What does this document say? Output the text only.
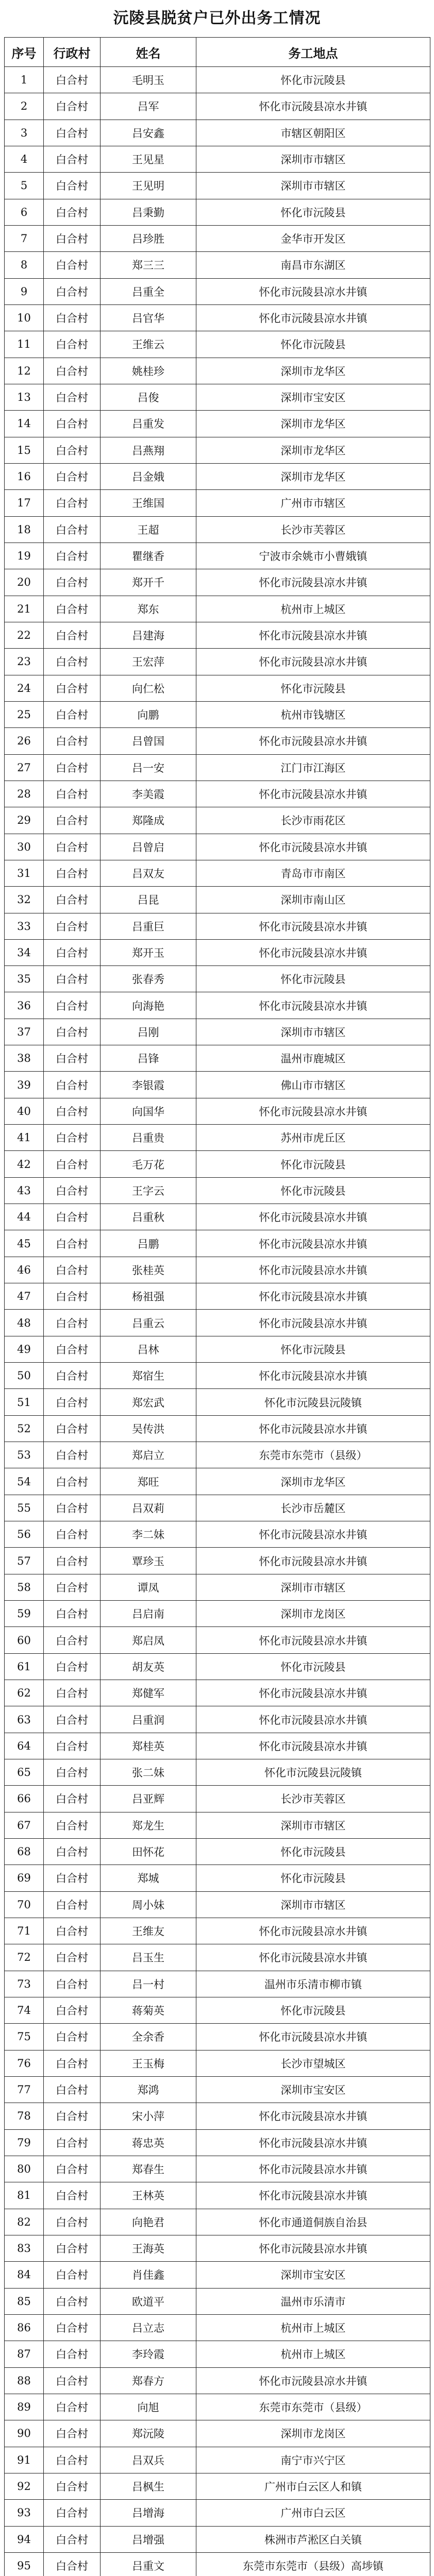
沅陵县脱贫户已外出务工情况
序号	行政村	姓名	务工地点
1	白合村	毛明玉	怀化市沅陵县
2	白合村	吕军	怀化市沅陵县凉水井镇
3	白合村	吕安鑫	市辖区朝阳区
4	白合村	王见星	深圳市市辖区
5	白合村	王见明	深圳市市辖区
6	白合村	吕秉勤	怀化市沅陵县
7	白合村	吕珍胜	金华市开发区
8	白合村	郑三三	南昌市东湖区
9	白合村	吕重全	怀化市沅陵县凉水井镇
10	白合村	吕官华	怀化市沅陵县凉水井镇
11	白合村	王维云	怀化市沅陵县
12	白合村	姚桂珍	深圳市龙华区
13	白合村	吕俊	深圳市宝安区
14	白合村	吕重发	深圳市龙华区
15	白合村	吕燕翔	深圳市龙华区
16	白合村	吕金娥	深圳市龙华区
17	白合村	王维国	广州市市辖区
18	白合村	王超	长沙市芙蓉区
19	白合村	瞿继香	宁波市余姚市小曹娥镇
20	白合村	郑开千	怀化市沅陵县凉水井镇
21	白合村	郑东	杭州市上城区
22	白合村	吕建海	怀化市沅陵县凉水井镇
23	白合村	王宏萍	怀化市沅陵县凉水井镇
24	白合村	向仁松	怀化市沅陵县
25	白合村	向鹏	杭州市钱塘区
26	白合村	吕曾国	怀化市沅陵县凉水井镇
27	白合村	吕一安	江门市江海区
28	白合村	李美霞	怀化市沅陵县凉水井镇
29	白合村	郑隆成	长沙市雨花区
30	白合村	吕曾启	怀化市沅陵县凉水井镇
31	白合村	吕双友	青岛市市南区
32	白合村	吕昆	深圳市南山区
33	白合村	吕重巨	怀化市沅陵县凉水井镇
34	白合村	郑开玉	怀化市沅陵县凉水井镇
35	白合村	张春秀	怀化市沅陵县
36	白合村	向海艳	怀化市沅陵县凉水井镇
37	白合村	吕刚	深圳市市辖区
38	白合村	吕锋	温州市鹿城区
39	白合村	李银霞	佛山市市辖区
40	白合村	向国华	怀化市沅陵县凉水井镇
41	白合村	吕重贵	苏州市虎丘区
42	白合村	毛万花	怀化市沅陵县
43	白合村	王字云	怀化市沅陵县
44	白合村	吕重秋	怀化市沅陵县凉水井镇
45	白合村	吕鹏	怀化市沅陵县凉水井镇
46	白合村	张桂英	怀化市沅陵县凉水井镇
47	白合村	杨祖强	怀化市沅陵县凉水井镇
48	白合村	吕重云	怀化市沅陵县凉水井镇
49	白合村	吕林	怀化市沅陵县
50	白合村	郑宿生	怀化市沅陵县凉水井镇
51	白合村	郑宏武	怀化市沅陵县沅陵镇
52	白合村	吴传洪	怀化市沅陵县凉水井镇
53	白合村	郑启立	东莞市东莞市（县级）
54	白合村	郑旺	深圳市龙华区
55	白合村	吕双莉	长沙市岳麓区
56	白合村	李二妹	怀化市沅陵县凉水井镇
57	白合村	覃珍玉	怀化市沅陵县凉水井镇
58	白合村	谭凤	深圳市市辖区
59	白合村	吕启南	深圳市龙岗区
60	白合村	郑启凤	怀化市沅陵县凉水井镇
61	白合村	胡友英	怀化市沅陵县
62	白合村	郑健军	怀化市沅陵县凉水井镇
63	白合村	吕重润	怀化市沅陵县凉水井镇
64	白合村	郑桂英	怀化市沅陵县凉水井镇
65	白合村	张二妹	怀化市沅陵县沅陵镇
66	白合村	吕亚辉	长沙市芙蓉区
67	白合村	郑龙生	深圳市市辖区
68	白合村	田怀花	怀化市沅陵县
69	白合村	郑城	怀化市沅陵县
70	白合村	周小妹	深圳市市辖区
71	白合村	王维友	怀化市沅陵县凉水井镇
72	白合村	吕玉生	怀化市沅陵县凉水井镇
73	白合村	吕一村	温州市乐清市柳市镇
74	白合村	蒋菊英	怀化市沅陵县
75	白合村	全余香	怀化市沅陵县凉水井镇
76	白合村	王玉梅	长沙市望城区
77	白合村	郑鸿	深圳市宝安区
78	白合村	宋小萍	怀化市沅陵县凉水井镇
79	白合村	蒋忠英	怀化市沅陵县凉水井镇
80	白合村	郑春生	怀化市沅陵县凉水井镇
81	白合村	王林英	怀化市沅陵县凉水井镇
82	白合村	向艳君	怀化市通道侗族自治县
83	白合村	王海英	怀化市沅陵县凉水井镇
84	白合村	肖佳鑫	深圳市宝安区
85	白合村	欧道平	温州市乐清市
86	白合村	吕立志	杭州市上城区
87	白合村	李玲霞	杭州市上城区
88	白合村	郑春方	怀化市沅陵县凉水井镇
89	白合村	向旭	东莞市东莞市（县级）
90	白合村	郑沅陵	深圳市龙岗区
91	白合村	吕双兵	南宁市兴宁区
92	白合村	吕枫生	广州市白云区人和镇
93	白合村	吕增海	广州市白云区
94	白合村	吕增强	株洲市芦淞区白关镇
95	白合村	吕重文	东莞市东莞市（县级）高埗镇
